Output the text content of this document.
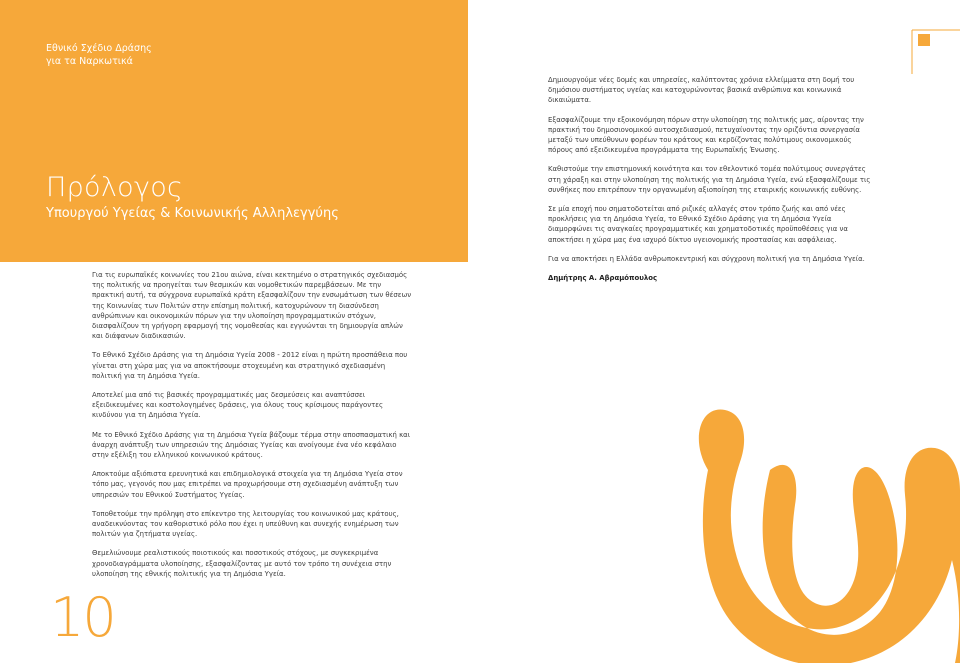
Εθνικό Σχέδιο Δράσης
για τα Ναρκωτικά
Πρόλογος
Υπουργού Υγείας & Κοινωνικής Αλληλεγγύης

Για τις ευρωπαϊκές κοινωνίες του 21ου αιώνα, είναι κεκτημένο ο στρατηγικός σχεδιασμός της πολιτικής να προηγείται των θεσμικών και νομοθετικών παρεμβάσεων. Με την πρακτική αυτή, τα σύγχρονα ευρωπαϊκά κράτη εξασφαλίζουν την ενσωμάτωση των θέσεων της Κοινωνίας των Πολιτών στην επίσημη πολιτική, κατοχυρώνουν τη διασύνδεση ανθρώπινων και οικονομικών πόρων για την υλοποίηση προγραμματικών στόχων, διασφαλίζουν τη γρήγορη εφαρμογή της νομοθεσίας και εγγυώνται τη δημιουργία απλών και διάφανων διαδικασιών.

Το Εθνικό Σχέδιο Δράσης για τη Δημόσια Υγεία 2008 - 2012 είναι η πρώτη προσπάθεια που γίνεται στη χώρα μας για να αποκτήσουμε στοχευμένη και στρατηγικό σχεδιασμένη πολιτική για τη Δημόσια Υγεία.

Αποτελεί μια από τις βασικές προγραμματικές μας δεσμεύσεις και αναπτύσσει εξειδικευμένες και κοστολογημένες δράσεις, για όλους τους κρίσιμους παράγοντες κινδύνου για τη Δημόσια Υγεία.

Με το Εθνικό Σχέδιο Δράσης για τη Δημόσια Υγεία βάζουμε τέρμα στην αποσπασματική και άναρχη ανάπτυξη των υπηρεσιών της Δημόσιας Υγείας και ανοίγουμε ένα νέο κεφάλαιο στην εξέλιξη του ελληνικού κοινωνικού κράτους.

Αποκτούμε αξιόπιστα ερευνητικά και επιδημιολογικά στοιχεία για τη Δημόσια Υγεία στον τόπο μας, γεγονός που μας επιτρέπει να προχωρήσουμε στη σχεδιασμένη ανάπτυξη των υπηρεσιών του Εθνικού Συστήματος Υγείας.

Τοποθετούμε την πρόληψη στο επίκεντρο της λειτουργίας του κοινωνικού μας κράτους, αναδεικνύοντας τον καθοριστικό ρόλο που έχει η υπεύθυνη και συνεχής ενημέρωση των πολιτών για ζητήματα υγείας.

Θεμελιώνουμε ρεαλιστικούς ποιοτικούς και ποσοτικούς στόχους, με συγκεκριμένα χρονοδιαγράμματα υλοποίησης, εξασφαλίζοντας με αυτό τον τρόπο τη συνέχεια στην υλοποίηση της εθνικής πολιτικής για τη Δημόσια Υγεία.

Δημιουργούμε νέες δομές και υπηρεσίες, καλύπτοντας χρόνια ελλείμματα στη δομή του δημόσιου συστήματος υγείας και κατοχυρώνοντας βασικά ανθρώπινα και κοινωνικά δικαιώματα.

Εξασφαλίζουμε την εξοικονόμηση πόρων στην υλοποίηση της πολιτικής μας, αίροντας την πρακτική του δημοσιονομικού αυτοσχεδιασμού, πετυχαίνοντας την οριζόντια συνεργασία μεταξύ των υπεύθυνων φορέων του κράτους και κερδίζοντας πολύτιμους οικονομικούς πόρους από εξειδικευμένα προγράμματα της Ευρωπαϊκής Ένωσης.

Καθιστούμε την επιστημονική κοινότητα και τον εθελοντικό τομέα πολύτιμους συνεργάτες στη χάραξη και στην υλοποίηση της πολιτικής για τη Δημόσια Υγεία, ενώ εξασφαλίζουμε τις συνθήκες που επιτρέπουν την οργανωμένη αξιοποίηση της εταιρικής κοινωνικής ευθύνης.

Σε μία εποχή που σηματοδοτείται από ριζικές αλλαγές στον τρόπο ζωής και από νέες προκλήσεις για τη Δημόσια Υγεία, το Εθνικό Σχέδιο Δράσης για τη Δημόσια Υγεία διαμορφώνει τις αναγκαίες προγραμματικές και χρηματοδοτικές προϋποθέσεις για να αποκτήσει η χώρα μας ένα ισχυρό δίκτυο υγειονομικής προστασίας και ασφάλειας.

Για να αποκτήσει η Ελλάδα ανθρωποκεντρική και σύγχρονη πολιτική για τη Δημόσια Υγεία.

Δημήτρης Α. Αβραμόπουλος

10
